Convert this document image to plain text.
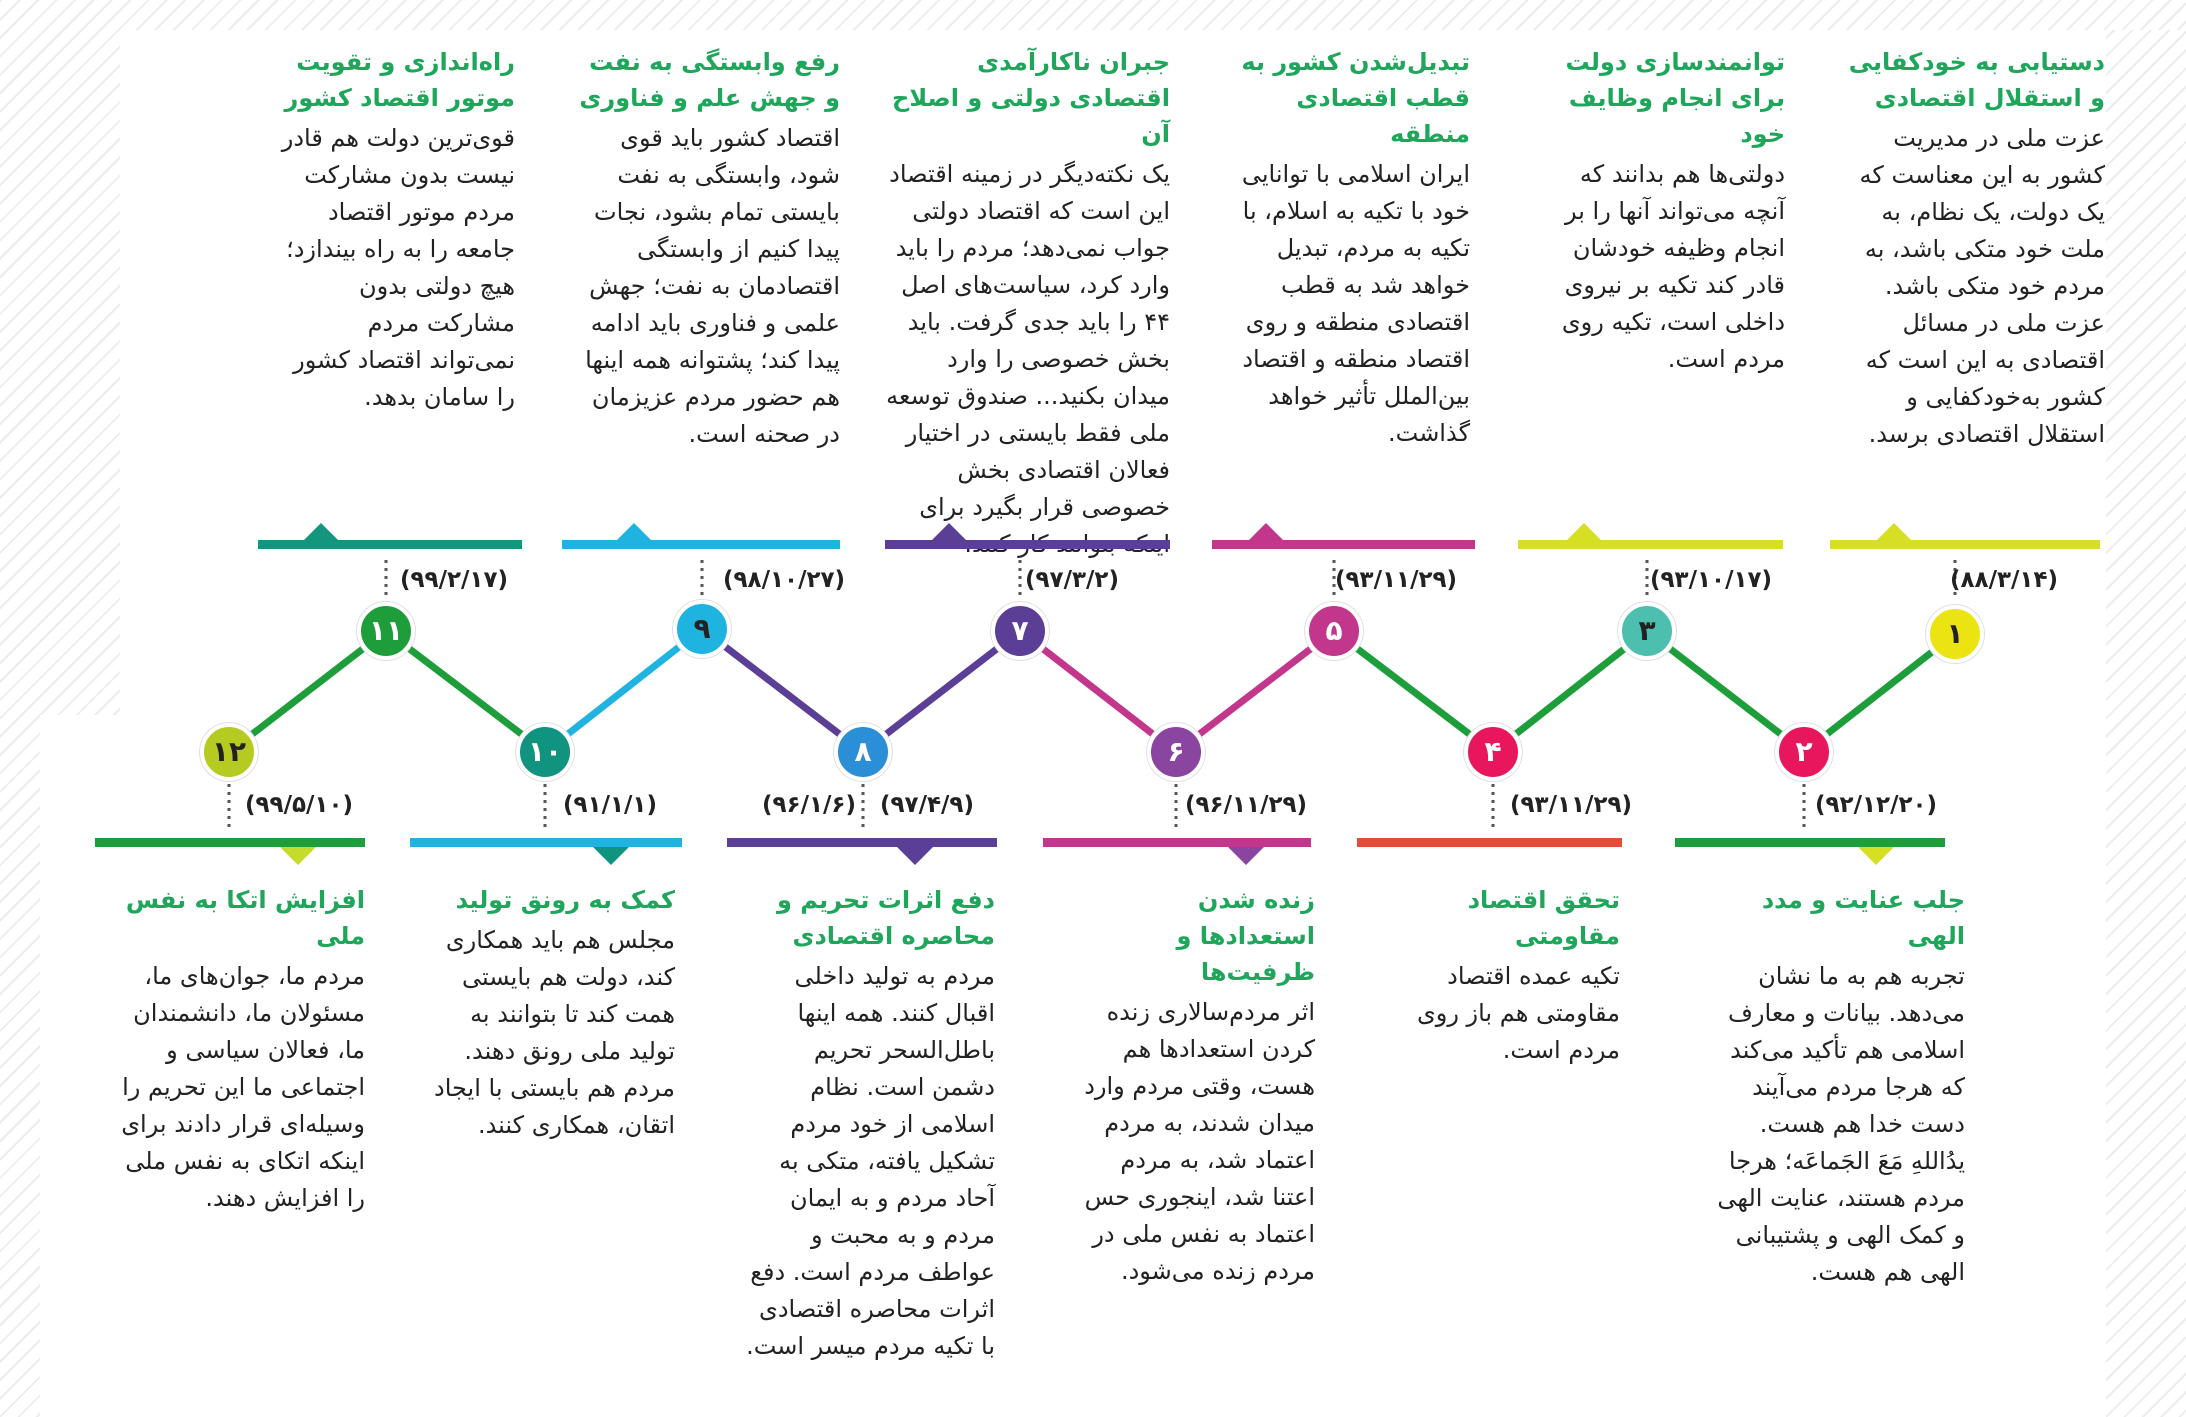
دستیابی به خودکفایی و استقلال اقتصادی
عزت ملی در مدیریت کشور به این معناست که یک دولت، یک نظام، به ملت خود متکی باشد، به مردم خود متکی باشد. عزت ملی در مسائل اقتصادی به این است که کشور به‌خودکفایی و استقلال اقتصادی برسد.
توانمندسازی دولت برای انجام وظایف خود
دولتی‌ها هم بدانند که آنچه می‌تواند آنها را بر انجام وظیفه خودشان قادر کند تکیه بر نیروی داخلی است، تکیه روی مردم است.
تبدیل‌شدن کشور به قطب اقتصادی منطقه
ایران اسلامی با توانایی خود با تکیه به اسلام، با تکیه به مردم، تبدیل خواهد شد به قطب اقتصادی منطقه و روی اقتصاد منطقه و اقتصاد بین‌الملل تأثیر خواهد گذاشت.
جبران ناکارآمدی اقتصادی دولتی و اصلاح آن
یک نکته‌دیگر در زمینه اقتصاد این است که اقتصاد دولتی جواب نمی‌دهد؛ مردم را باید وارد کرد، سیاست‌های اصل ۴۴ را باید جدی گرفت. باید بخش خصوصی را وارد میدان بکنید... صندوق توسعه ملی فقط بایستی در اختیار فعالان اقتصادی بخش خصوصی قرار بگیرد برای
رفع وابستگی به نفت و جهش علم و فناوری
اقتصاد کشور باید قوی شود، وابستگی به نفت بایستی تمام بشود، نجات پیدا کنیم از وابستگی اقتصادمان به نفت؛ جهش علمی و فناوری باید ادامه پیدا کند؛ پشتوانه همه اینها هم حضور مردم عزیزمان در صحنه است.
راه‌اندازی و تقویت موتور اقتصاد کشور
قوی‌ترین دولت هم قادر نیست بدون مشارکت مردم موتور اقتصاد جامعه را به راه بیندازد؛ هیچ دولتی بدون مشارکت مردم نمی‌تواند اقتصاد کشور را سامان بدهد.
(۸۸/۳/۱۴)
(۹۳/۱۰/۱۷)
(۹۳/۱۱/۲۹)
(۹۷/۳/۲)
(۹۸/۱۰/۲۷)
(۹۹/۲/۱۷)
(۹۲/۱۲/۲۰)
(۹۳/۱۱/۲۹)
(۹۶/۱۱/۲۹)
(۹۷/۴/۹)
(۹۶/۱/۶)
(۹۱/۱/۱)
(۹۹/۵/۱۰)
جلب عنایت و مدد الهی
تجربه هم به ما نشان می‌دهد. بیانات و معارف اسلامی هم تأکید می‌کند که هرجا مردم می‌آیند دست خدا هم هست. یدُاللهِ مَعَ الجَماعَه؛ هرجا مردم هستند، عنایت الهی و کمک الهی و پشتیبانی الهی هم هست.
تحقق اقتصاد مقاومتی
تکیه عمده اقتصاد مقاومتی هم باز روی مردم است.
زنده شدن استعدادها و ظرفیت‌ها
اثر مردم‌سالاری زنده کردن استعدادها هم هست، وقتی مردم وارد میدان شدند، به مردم اعتماد شد، به مردم اعتنا شد، اینجوری حس اعتماد به نفس ملی در مردم زنده می‌شود.
دفع اثرات تحریم و محاصره اقتصادی
مردم به تولید داخلی اقبال کنند. همه اینها باطل‌السحر تحریم دشمن است. نظام اسلامی از خود مردم تشکیل یافته، متکی به آحاد مردم و به ایمان مردم و به محبت و عواطف مردم است. دفع اثرات محاصره اقتصادی با تکیه مردم میسر است.
کمک به رونق تولید
مجلس هم باید همکاری کند، دولت هم بایستی همت کند تا بتوانند به تولید ملی رونق دهند. مردم هم بایستی با ایجاد اتقان، همکاری کنند.
افزایش اتکا به نفس ملی
مردم ما، جوان‌های ما، مسئولان ما، دانشمندان ما، فعالان سیاسی و اجتماعی ما این تحریم را وسیله‌ای قرار دادند برای اینکه اتکای به نفس ملی را افزایش دهند.
۱
۲
۳
۴
۵
۶
۷
۸
۹
۱۰
۱۱
۱۲
